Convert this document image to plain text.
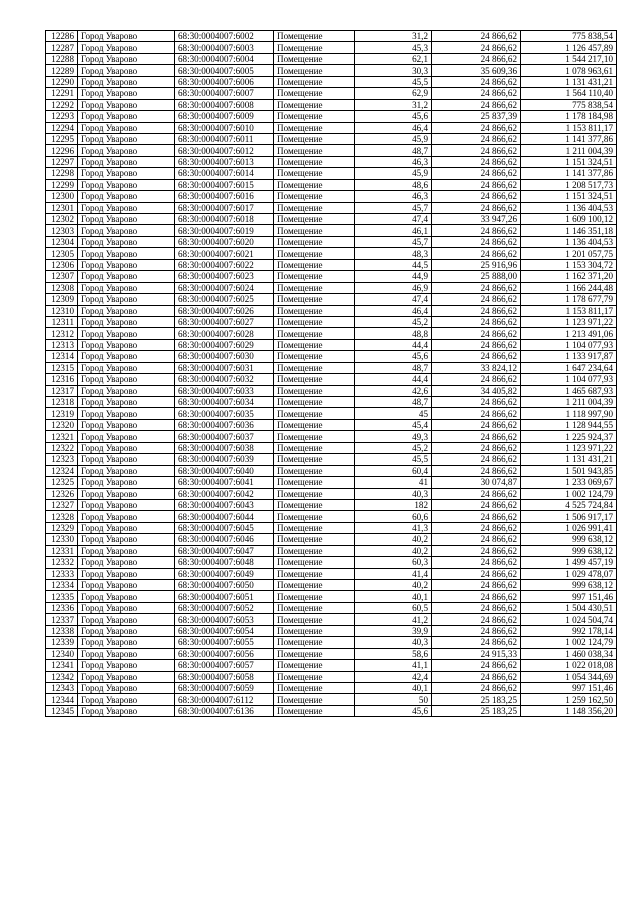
12286	Город Уварово	68:30:0004007:6002	Помещение	31,2	24 866,62	775 838,54
12287	Город Уварово	68:30:0004007:6003	Помещение	45,3	24 866,62	1 126 457,89
12288	Город Уварово	68:30:0004007:6004	Помещение	62,1	24 866,62	1 544 217,10
12289	Город Уварово	68:30:0004007:6005	Помещение	30,3	35 609,36	1 078 963,61
12290	Город Уварово	68:30:0004007:6006	Помещение	45,5	24 866,62	1 131 431,21
12291	Город Уварово	68:30:0004007:6007	Помещение	62,9	24 866,62	1 564 110,40
12292	Город Уварово	68:30:0004007:6008	Помещение	31,2	24 866,62	775 838,54
12293	Город Уварово	68:30:0004007:6009	Помещение	45,6	25 837,39	1 178 184,98
12294	Город Уварово	68:30:0004007:6010	Помещение	46,4	24 866,62	1 153 811,17
12295	Город Уварово	68:30:0004007:6011	Помещение	45,9	24 866,62	1 141 377,86
12296	Город Уварово	68:30:0004007:6012	Помещение	48,7	24 866,62	1 211 004,39
12297	Город Уварово	68:30:0004007:6013	Помещение	46,3	24 866,62	1 151 324,51
12298	Город Уварово	68:30:0004007:6014	Помещение	45,9	24 866,62	1 141 377,86
12299	Город Уварово	68:30:0004007:6015	Помещение	48,6	24 866,62	1 208 517,73
12300	Город Уварово	68:30:0004007:6016	Помещение	46,3	24 866,62	1 151 324,51
12301	Город Уварово	68:30:0004007:6017	Помещение	45,7	24 866,62	1 136 404,53
12302	Город Уварово	68:30:0004007:6018	Помещение	47,4	33 947,26	1 609 100,12
12303	Город Уварово	68:30:0004007:6019	Помещение	46,1	24 866,62	1 146 351,18
12304	Город Уварово	68:30:0004007:6020	Помещение	45,7	24 866,62	1 136 404,53
12305	Город Уварово	68:30:0004007:6021	Помещение	48,3	24 866,62	1 201 057,75
12306	Город Уварово	68:30:0004007:6022	Помещение	44,5	25 916,96	1 153 304,72
12307	Город Уварово	68:30:0004007:6023	Помещение	44,9	25 888,00	1 162 371,20
12308	Город Уварово	68:30:0004007:6024	Помещение	46,9	24 866,62	1 166 244,48
12309	Город Уварово	68:30:0004007:6025	Помещение	47,4	24 866,62	1 178 677,79
12310	Город Уварово	68:30:0004007:6026	Помещение	46,4	24 866,62	1 153 811,17
12311	Город Уварово	68:30:0004007:6027	Помещение	45,2	24 866,62	1 123 971,22
12312	Город Уварово	68:30:0004007:6028	Помещение	48,8	24 866,62	1 213 491,06
12313	Город Уварово	68:30:0004007:6029	Помещение	44,4	24 866,62	1 104 077,93
12314	Город Уварово	68:30:0004007:6030	Помещение	45,6	24 866,62	1 133 917,87
12315	Город Уварово	68:30:0004007:6031	Помещение	48,7	33 824,12	1 647 234,64
12316	Город Уварово	68:30:0004007:6032	Помещение	44,4	24 866,62	1 104 077,93
12317	Город Уварово	68:30:0004007:6033	Помещение	42,6	34 405,82	1 465 687,93
12318	Город Уварово	68:30:0004007:6034	Помещение	48,7	24 866,62	1 211 004,39
12319	Город Уварово	68:30:0004007:6035	Помещение	45	24 866,62	1 118 997,90
12320	Город Уварово	68:30:0004007:6036	Помещение	45,4	24 866,62	1 128 944,55
12321	Город Уварово	68:30:0004007:6037	Помещение	49,3	24 866,62	1 225 924,37
12322	Город Уварово	68:30:0004007:6038	Помещение	45,2	24 866,62	1 123 971,22
12323	Город Уварово	68:30:0004007:6039	Помещение	45,5	24 866,62	1 131 431,21
12324	Город Уварово	68:30:0004007:6040	Помещение	60,4	24 866,62	1 501 943,85
12325	Город Уварово	68:30:0004007:6041	Помещение	41	30 074,87	1 233 069,67
12326	Город Уварово	68:30:0004007:6042	Помещение	40,3	24 866,62	1 002 124,79
12327	Город Уварово	68:30:0004007:6043	Помещение	182	24 866,62	4 525 724,84
12328	Город Уварово	68:30:0004007:6044	Помещение	60,6	24 866,62	1 506 917,17
12329	Город Уварово	68:30:0004007:6045	Помещение	41,3	24 866,62	1 026 991,41
12330	Город Уварово	68:30:0004007:6046	Помещение	40,2	24 866,62	999 638,12
12331	Город Уварово	68:30:0004007:6047	Помещение	40,2	24 866,62	999 638,12
12332	Город Уварово	68:30:0004007:6048	Помещение	60,3	24 866,62	1 499 457,19
12333	Город Уварово	68:30:0004007:6049	Помещение	41,4	24 866,62	1 029 478,07
12334	Город Уварово	68:30:0004007:6050	Помещение	40,2	24 866,62	999 638,12
12335	Город Уварово	68:30:0004007:6051	Помещение	40,1	24 866,62	997 151,46
12336	Город Уварово	68:30:0004007:6052	Помещение	60,5	24 866,62	1 504 430,51
12337	Город Уварово	68:30:0004007:6053	Помещение	41,2	24 866,62	1 024 504,74
12338	Город Уварово	68:30:0004007:6054	Помещение	39,9	24 866,62	992 178,14
12339	Город Уварово	68:30:0004007:6055	Помещение	40,3	24 866,62	1 002 124,79
12340	Город Уварово	68:30:0004007:6056	Помещение	58,6	24 915,33	1 460 038,34
12341	Город Уварово	68:30:0004007:6057	Помещение	41,1	24 866,62	1 022 018,08
12342	Город Уварово	68:30:0004007:6058	Помещение	42,4	24 866,62	1 054 344,69
12343	Город Уварово	68:30:0004007:6059	Помещение	40,1	24 866,62	997 151,46
12344	Город Уварово	68:30:0004007:6112	Помещение	50	25 183,25	1 259 162,50
12345	Город Уварово	68:30:0004007:6136	Помещение	45,6	25 183,25	1 148 356,20
